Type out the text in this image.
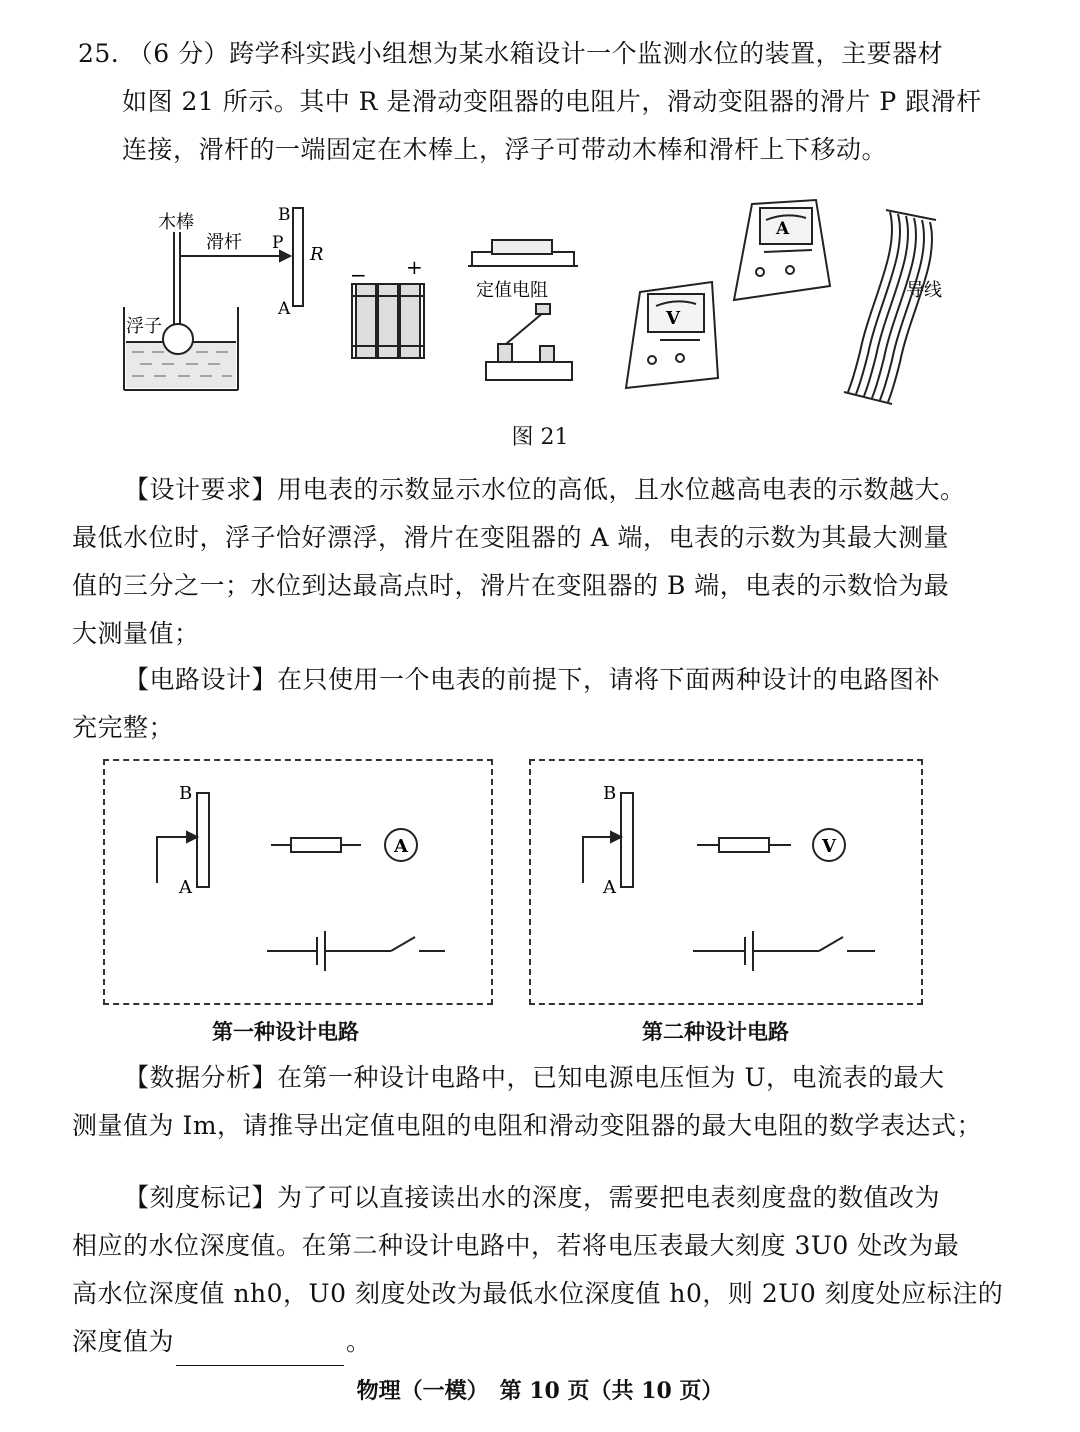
25. （6 分）跨学科实践小组想为某水箱设计一个监测水位的装置，主要器材
如图 21 所示。其中 R 是滑动变阻器的电阻片，滑动变阻器的滑片 P 跟滑杆
连接，滑杆的一端固定在木棒上，浮子可带动木棒和滑杆上下移动。
木棒
滑杆
浮子
B
P
R
A
− +
定值电阻
V
A
导线
图 21
【设计要求】用电表的示数显示水位的高低，且水位越高电表的示数越大。
最低水位时，浮子恰好漂浮，滑片在变阻器的 A 端，电表的示数为其最大测量
值的三分之一；水位到达最高点时，滑片在变阻器的 B 端，电表的示数恰为最
大测量值；
【电路设计】在只使用一个电表的前提下，请将下面两种设计的电路图补
充完整；
B
A
A
第一种设计电路
B
A
V
第二种设计电路
【数据分析】在第一种设计电路中，已知电源电压恒为 U，电流表的最大
测量值为 Im，请推导出定值电阻的电阻和滑动变阻器的最大电阻的数学表达式；
【刻度标记】为了可以直接读出水的深度，需要把电表刻度盘的数值改为
相应的水位深度值。在第二种设计电路中，若将电压表最大刻度 3U0 处改为最
高水位深度值 nh0，U0 刻度处改为最低水位深度值 h0，则 2U0 刻度处应标注的
深度值为	。
物理（一模）　第 10 页（共 10 页）
